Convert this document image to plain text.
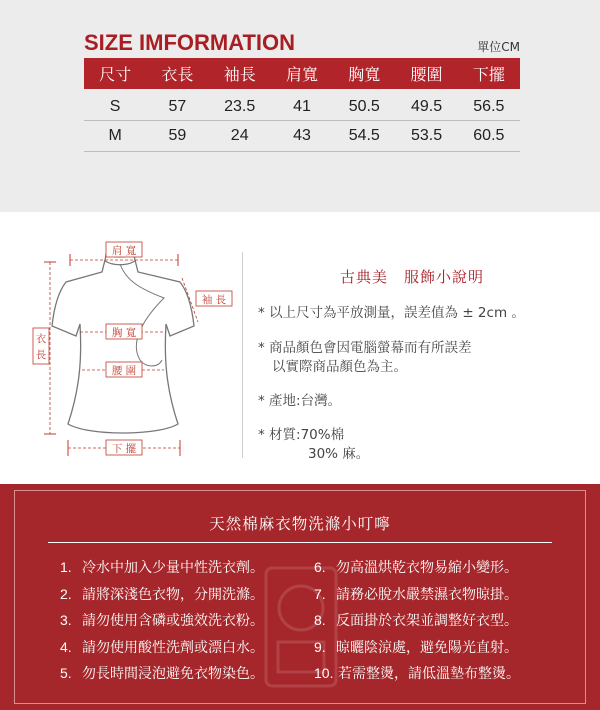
SIZE IMFORMATION	單位CM
尺寸	衣長	袖長	肩寬	胸寬	腰圍	下擺
S	57	23.5	41	50.5	49.5	56.5
M	59	24	43	54.5	53.5	60.5
肩 寬
袖 長
胸 寬
腰 圍
衣
長
下 擺
古典美　服飾小說明
* 以上尺寸為平放測量，誤差值為 ± 2cm 。
* 商品顏色會因電腦螢幕而有所誤差
以實際商品顏色為主。
* 產地:台灣。
* 材質:70%棉
30% 麻。
天然棉麻衣物洗滌小叮嚀
1. 冷水中加入少量中性洗衣劑。
2. 請將深淺色衣物，分開洗滌。
3. 請勿使用含磷或強效洗衣粉。
4. 請勿使用酸性洗劑或漂白水。
5. 勿長時間浸泡避免衣物染色。
6. 勿高溫烘乾衣物易縮小變形。
7. 請務必脫水嚴禁濕衣物晾掛。
8. 反面掛於衣架並調整好衣型。
9. 晾曬陰涼處，避免陽光直射。
10. 若需整燙，請低溫墊布整燙。
